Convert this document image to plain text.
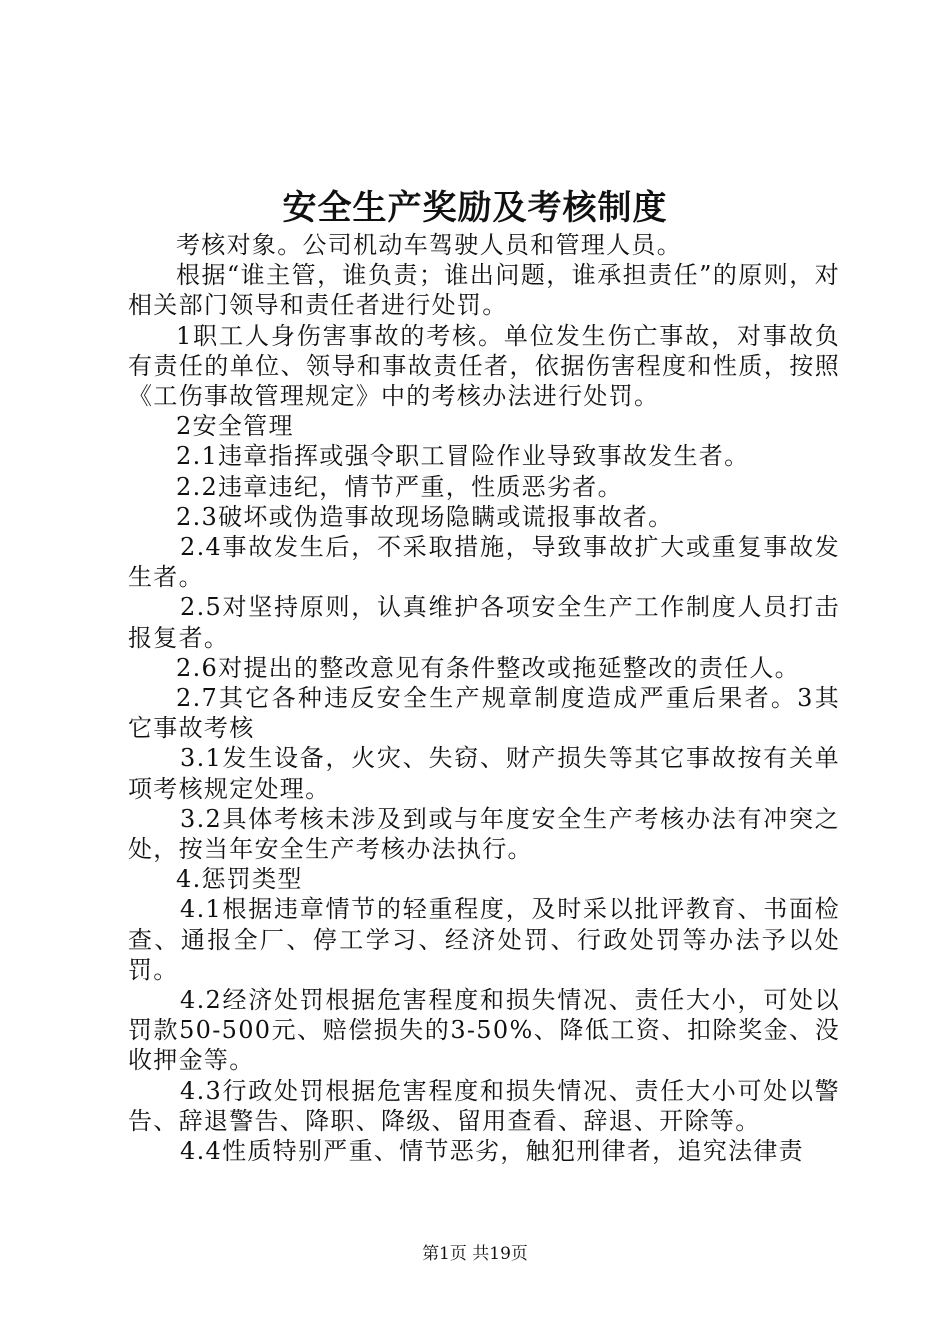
安全生产奖励及考核制度

考核对象。公司机动车驾驶人员和管理人员。

根据“谁主管，谁负责；谁出问题，谁承担责任”的原则，对相关部门领导和责任者进行处罚。

1职工人身伤害事故的考核。单位发生伤亡事故，对事故负有责任的单位、领导和事故责任者，依据伤害程度和性质，按照《工伤事故管理规定》中的考核办法进行处罚。

2安全管理

2.1违章指挥或强令职工冒险作业导致事故发生者。

2.2违章违纪，情节严重，性质恶劣者。

2.3破坏或伪造事故现场隐瞒或谎报事故者。

2.4事故发生后，不采取措施，导致事故扩大或重复事故发生者。

2.5对坚持原则，认真维护各项安全生产工作制度人员打击报复者。

2.6对提出的整改意见有条件整改或拖延整改的责任人。

2.7其它各种违反安全生产规章制度造成严重后果者。3其它事故考核

3.1发生设备，火灾、失窃、财产损失等其它事故按有关单项考核规定处理。

3.2具体考核未涉及到或与年度安全生产考核办法有冲突之处，按当年安全生产考核办法执行。

4.惩罚类型

4.1根据违章情节的轻重程度，及时采以批评教育、书面检查、通报全厂、停工学习、经济处罚、行政处罚等办法予以处罚。

4.2经济处罚根据危害程度和损失情况、责任大小，可处以罚款50-500元、赔偿损失的3-50%、降低工资、扣除奖金、没收押金等。

4.3行政处罚根据危害程度和损失情况、责任大小可处以警告、辞退警告、降职、降级、留用查看、辞退、开除等。

4.4性质特别严重、情节恶劣，触犯刑律者，追究法律责

第1页 共19页
